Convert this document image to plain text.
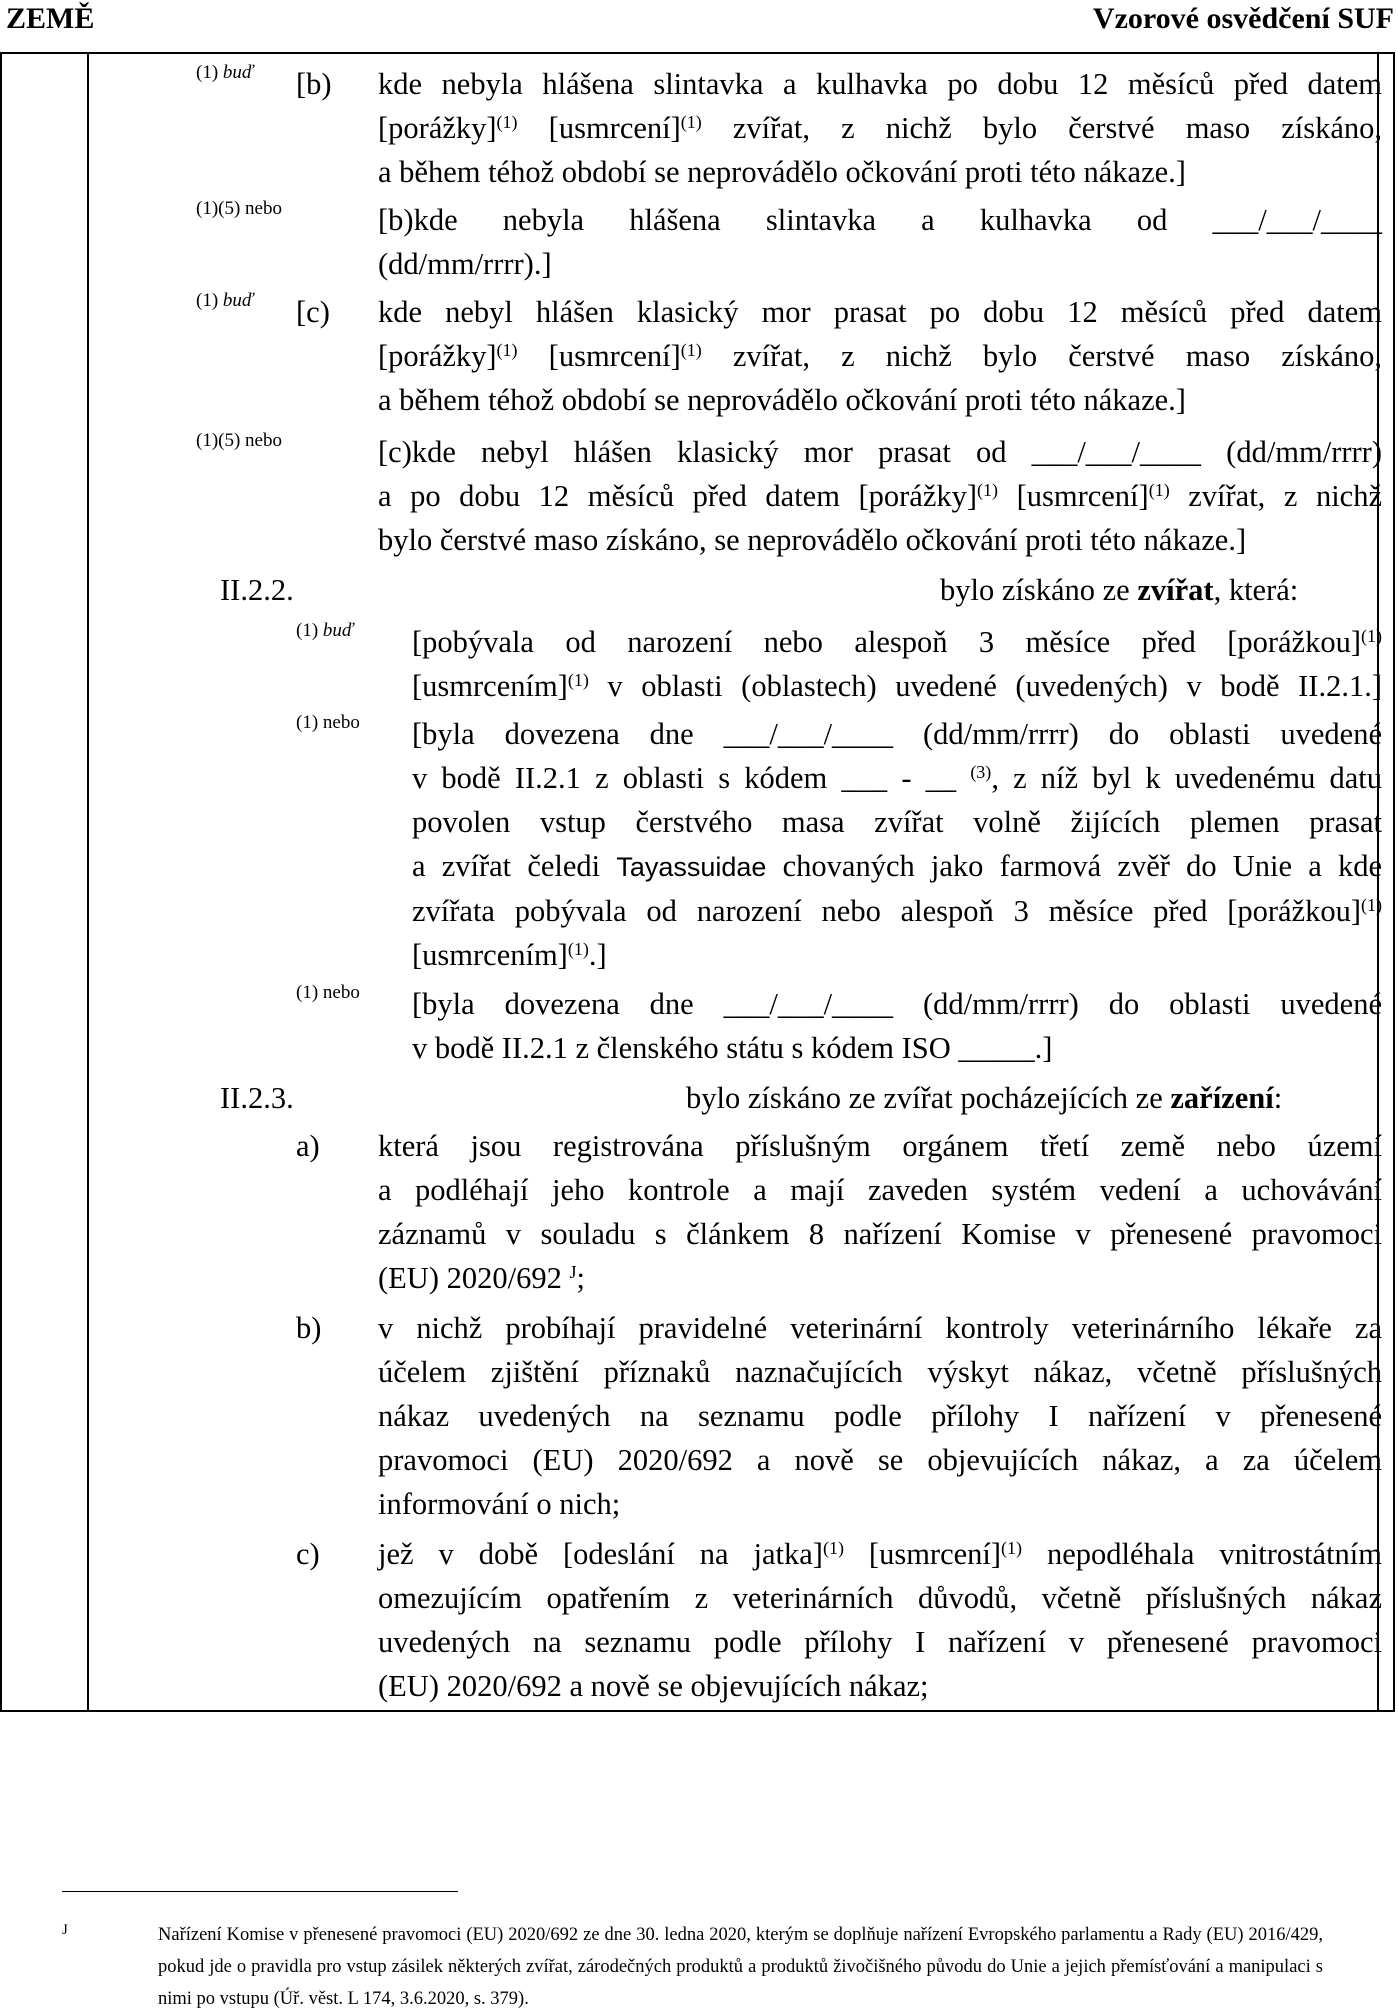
ZEMĚ	Vzorové osvědčení SUF
(1) buď [b) kde nebyla hlášena slintavka a kulhavka po dobu 12 měsíců před datem
[porážky]$^{(1)}$ [usmrcení]$^{(1)}$ zvířat, z nichž bylo čerstvé maso získáno,
a během téhož období se neprovádělo očkování proti této nákaze.]
(1)(5) nebo	[b)kde nebyla hlášena slintavka a kulhavka od ___/___/____
(dd/mm/rrrr).]
(1) buď [c) kde nebyl hlášen klasický mor prasat po dobu 12 měsíců před datem
[porážky]$^{(1)}$ [usmrcení]$^{(1)}$ zvířat, z nichž bylo čerstvé maso získáno,
a během téhož období se neprovádělo očkování proti této nákaze.]
(1)(5) nebo	[c)kde nebyl hlášen klasický mor prasat od ___/___/____ (dd/mm/rrrr)
a po dobu 12 měsíců před datem [porážky]$^{(1)}$ [usmrcení]$^{(1)}$ zvířat, z nichž
bylo čerstvé maso získáno, se neprovádělo očkování proti této nákaze.]
II.2.2.	bylo získáno ze zvířat, která:
(1) buď [pobývala od narození nebo alespoň 3 měsíce před [porážkou]$^{(1)}$
[usmrcením]$^{(1)}$ v oblasti (oblastech) uvedené (uvedených) v bodě II.2.1.]
(1) nebo [byla dovezena dne ___/___/____ (dd/mm/rrrr) do oblasti uvedené
v bodě II.2.1 z oblasti s kódem ___ - __ $^{(3)}$, z níž byl k uvedenému datu
povolen vstup čerstvého masa zvířat volně žijících plemen prasat
a zvířat čeledi Tayassuidae chovaných jako farmová zvěř do Unie a kde
zvířata pobývala od narození nebo alespoň 3 měsíce před [porážkou]$^{(1)}$
[usmrcením]$^{(1)}$.]
(1) nebo [byla dovezena dne ___/___/____ (dd/mm/rrrr) do oblasti uvedené
v bodě II.2.1 z členského státu s kódem ISO _____.]
II.2.3.	bylo získáno ze zvířat pocházejících ze zařízení:
a) která jsou registrována příslušným orgánem třetí země nebo území
a podléhají jeho kontrole a mají zaveden systém vedení a uchovávání
záznamů v souladu s článkem 8 nařízení Komise v přenesené pravomoci
(EU) 2020/692 $^J$;
b) v nichž probíhají pravidelné veterinární kontroly veterinárního lékaře za
účelem zjištění příznaků naznačujících výskyt nákaz, včetně příslušných
nákaz uvedených na seznamu podle přílohy I nařízení v přenesené
pravomoci (EU) 2020/692 a nově se objevujících nákaz, a za účelem
informování o nich;
c) jež v době [odeslání na jatka]$^{(1)}$ [usmrcení]$^{(1)}$ nepodléhala vnitrostátním
omezujícím opatřením z veterinárních důvodů, včetně příslušných nákaz
uvedených na seznamu podle přílohy I nařízení v přenesené pravomoci
(EU) 2020/692 a nově se objevujících nákaz;
J	Nařízení Komise v přenesené pravomoci (EU) 2020/692 ze dne 30. ledna 2020, kterým se doplňuje nařízení Evropského parlamentu a Rady (EU) 2016/429, pokud jde o pravidla pro vstup zásilek některých zvířat, zárodečných produktů a produktů živočišného původu do Unie a jejich přemísťování a manipulaci s nimi po vstupu (Úř. věst. L 174, 3.6.2020, s. 379).
